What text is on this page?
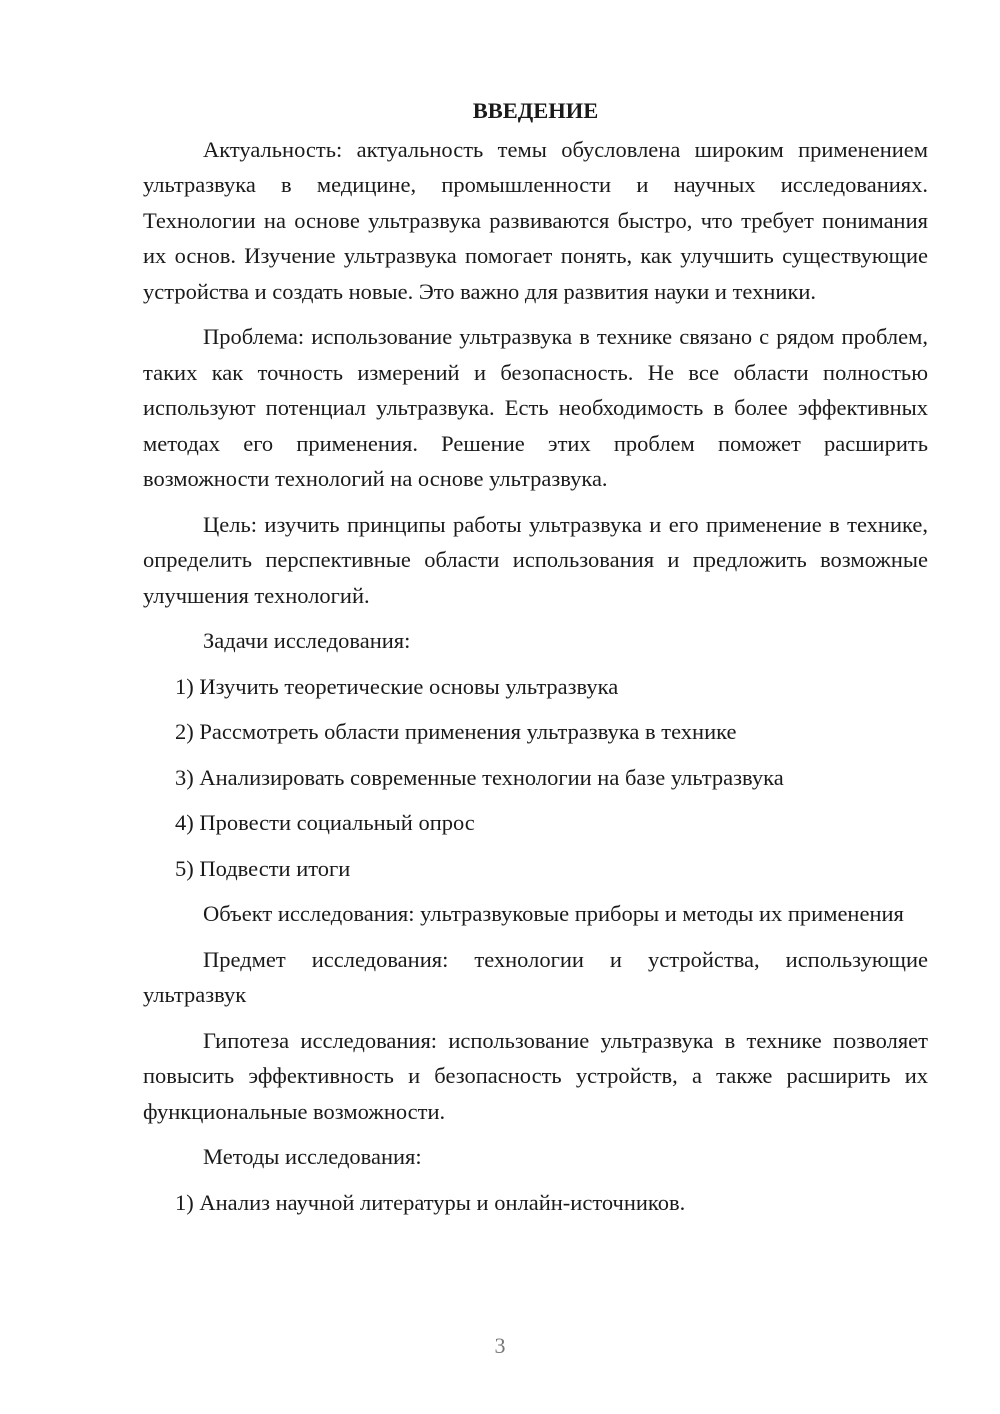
ВВЕДЕНИЕ

Актуальность: актуальность темы обусловлена широким применением ультразвука в медицине, промышленности и научных исследованиях. Технологии на основе ультразвука развиваются быстро, что требует понимания их основ. Изучение ультразвука помогает понять, как улучшить существующие устройства и создать новые. Это важно для развития науки и техники.

Проблема: использование ультразвука в технике связано с рядом проблем, таких как точность измерений и безопасность. Не все области полностью используют потенциал ультразвука. Есть необходимость в более эффективных методах его применения. Решение этих проблем поможет расширить возможности технологий на основе ультразвука.

Цель: изучить принципы работы ультразвука и его применение в технике, определить перспективные области использования и предложить возможные улучшения технологий.

Задачи исследования:

1) Изучить теоретические основы ультразвука

2) Рассмотреть области применения ультразвука в технике

3) Анализировать современные технологии на базе ультразвука

4) Провести социальный опрос

5) Подвести итоги

Объект исследования: ультразвуковые приборы и методы их применения

Предмет исследования: технологии и устройства, использующие ультразвук

Гипотеза исследования: использование ультразвука в технике позволяет повысить эффективность и безопасность устройств, а также расширить их функциональные возможности.

Методы исследования:

1) Анализ научной литературы и онлайн-источников.

3
